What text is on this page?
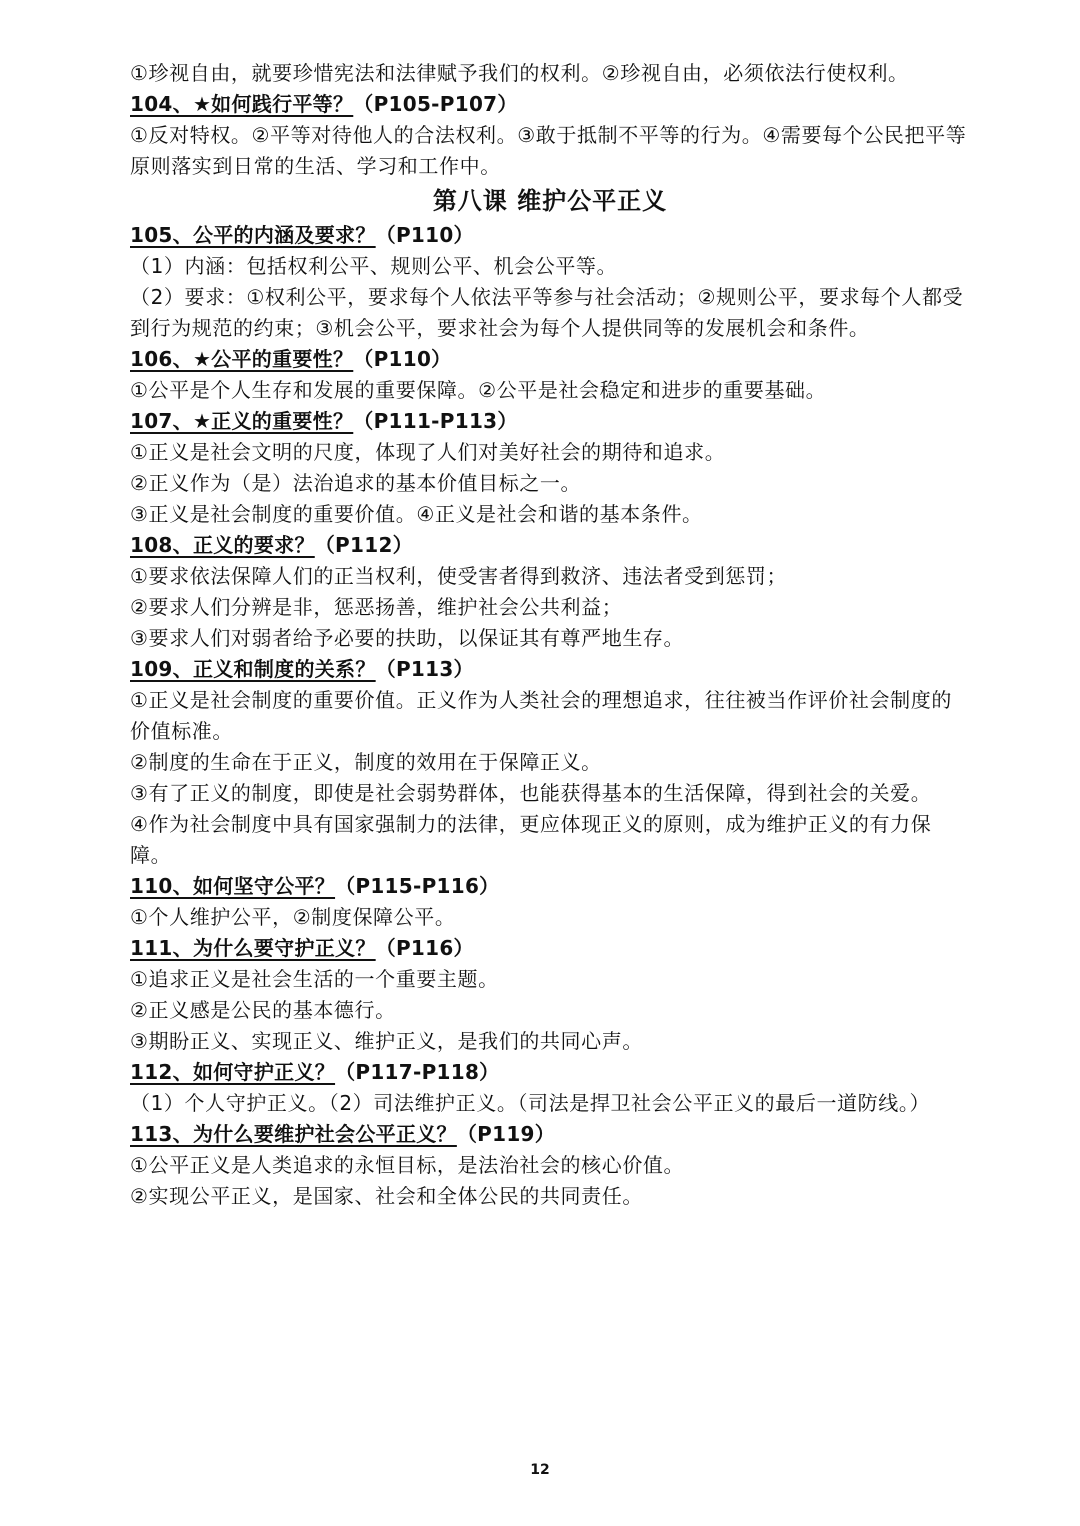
①珍视自由，就要珍惜宪法和法律赋予我们的权利。②珍视自由，必须依法行使权利。
104、★如何践行平等？（P105-P107）
①反对特权。②平等对待他人的合法权利。③敢于抵制不平等的行为。④需要每个公民把平等原则落实到日常的生活、学习和工作中。
第八课 维护公平正义
105、公平的内涵及要求？（P110）
（1）内涵：包括权利公平、规则公平、机会公平等。
（2）要求：①权利公平，要求每个人依法平等参与社会活动；②规则公平，要求每个人都受到行为规范的约束；③机会公平，要求社会为每个人提供同等的发展机会和条件。
106、★公平的重要性？（P110）
①公平是个人生存和发展的重要保障。②公平是社会稳定和进步的重要基础。
107、★正义的重要性？（P111-P113）
①正义是社会文明的尺度，体现了人们对美好社会的期待和追求。
②正义作为（是）法治追求的基本价值目标之一。
③正义是社会制度的重要价值。④正义是社会和谐的基本条件。
108、正义的要求？（P112）
①要求依法保障人们的正当权利，使受害者得到救济、违法者受到惩罚；
②要求人们分辨是非，惩恶扬善，维护社会公共利益；
③要求人们对弱者给予必要的扶助，以保证其有尊严地生存。
109、正义和制度的关系？（P113）
①正义是社会制度的重要价值。正义作为人类社会的理想追求，往往被当作评价社会制度的价值标准。
②制度的生命在于正义，制度的效用在于保障正义。
③有了正义的制度，即使是社会弱势群体，也能获得基本的生活保障，得到社会的关爱。
④作为社会制度中具有国家强制力的法律，更应体现正义的原则，成为维护正义的有力保障。
110、如何坚守公平？（P115-P116）
①个人维护公平，②制度保障公平。
111、为什么要守护正义？（P116）
①追求正义是社会生活的一个重要主题。
②正义感是公民的基本德行。
③期盼正义、实现正义、维护正义，是我们的共同心声。
112、如何守护正义？（P117-P118）
（1）个人守护正义。（2）司法维护正义。（司法是捍卫社会公平正义的最后一道防线。）
113、为什么要维护社会公平正义？（P119）
①公平正义是人类追求的永恒目标，是法治社会的核心价值。
②实现公平正义，是国家、社会和全体公民的共同责任。
12
